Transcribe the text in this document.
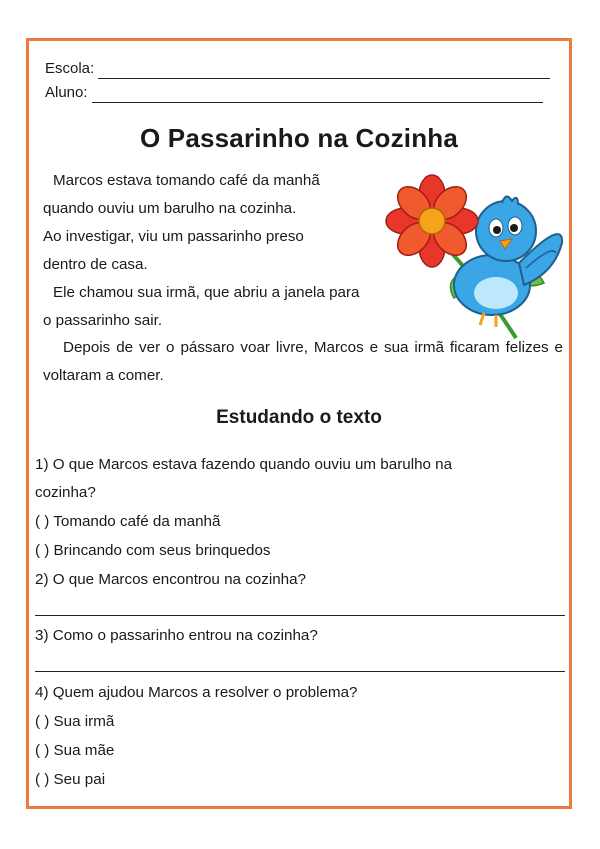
Escola:
Aluno:
O Passarinho na Cozinha
Marcos estava tomando café da manhã
quando ouviu um barulho na cozinha.
Ao investigar, viu um passarinho preso
dentro de casa.
Ele chamou sua irmã, que abriu a janela para
o passarinho sair.
Depois de ver o pássaro voar livre, Marcos e sua irmã ficaram felizes e voltaram a comer.
Estudando o texto
1) O que Marcos estava fazendo quando ouviu um barulho na
cozinha?
( ) Tomando café da manhã
( ) Brincando com seus brinquedos
2) O que Marcos encontrou na cozinha?
3) Como o passarinho entrou na cozinha?
4) Quem ajudou Marcos a resolver o problema?
( ) Sua irmã
( ) Sua mãe
( ) Seu pai
